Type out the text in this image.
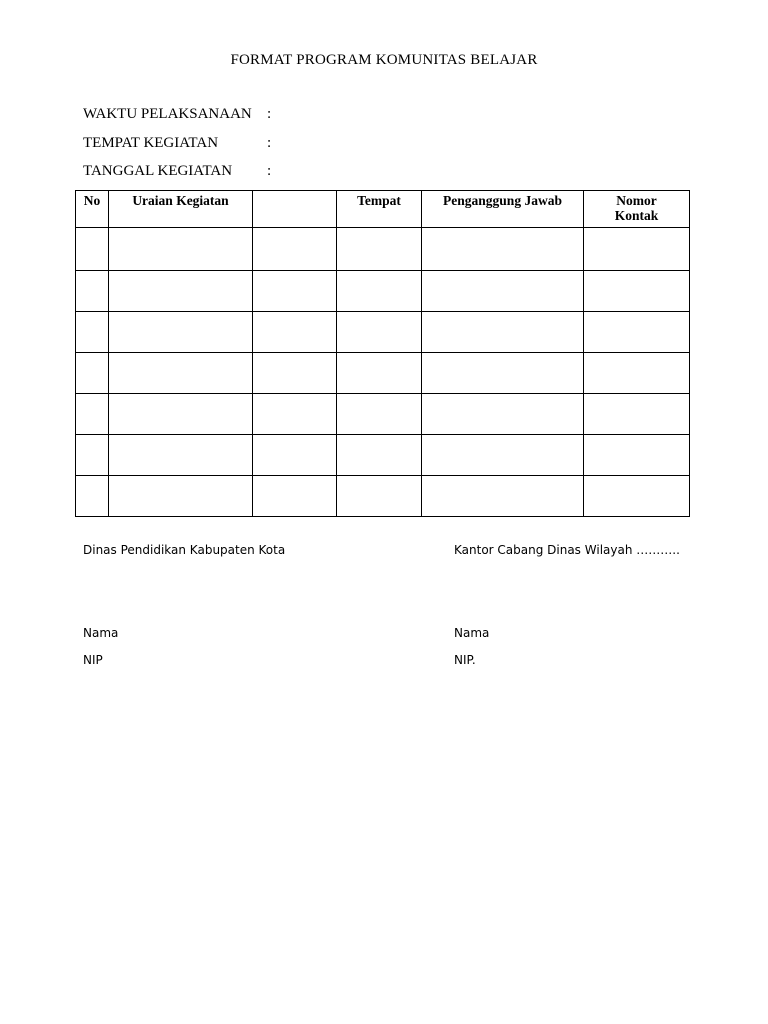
FORMAT PROGRAM KOMUNITAS BELAJAR
WAKTU PELAKSANAAN :
TEMPAT KEGIATAN	:
TANGGAL KEGIATAN :
No	Uraian Kegiatan		Tempat	Penganggung Jawab	Nomor Kontak

Dinas Pendidikan Kabupaten Kota	Kantor Cabang Dinas Wilayah ………..
Nama	Nama
NIP	NIP.
